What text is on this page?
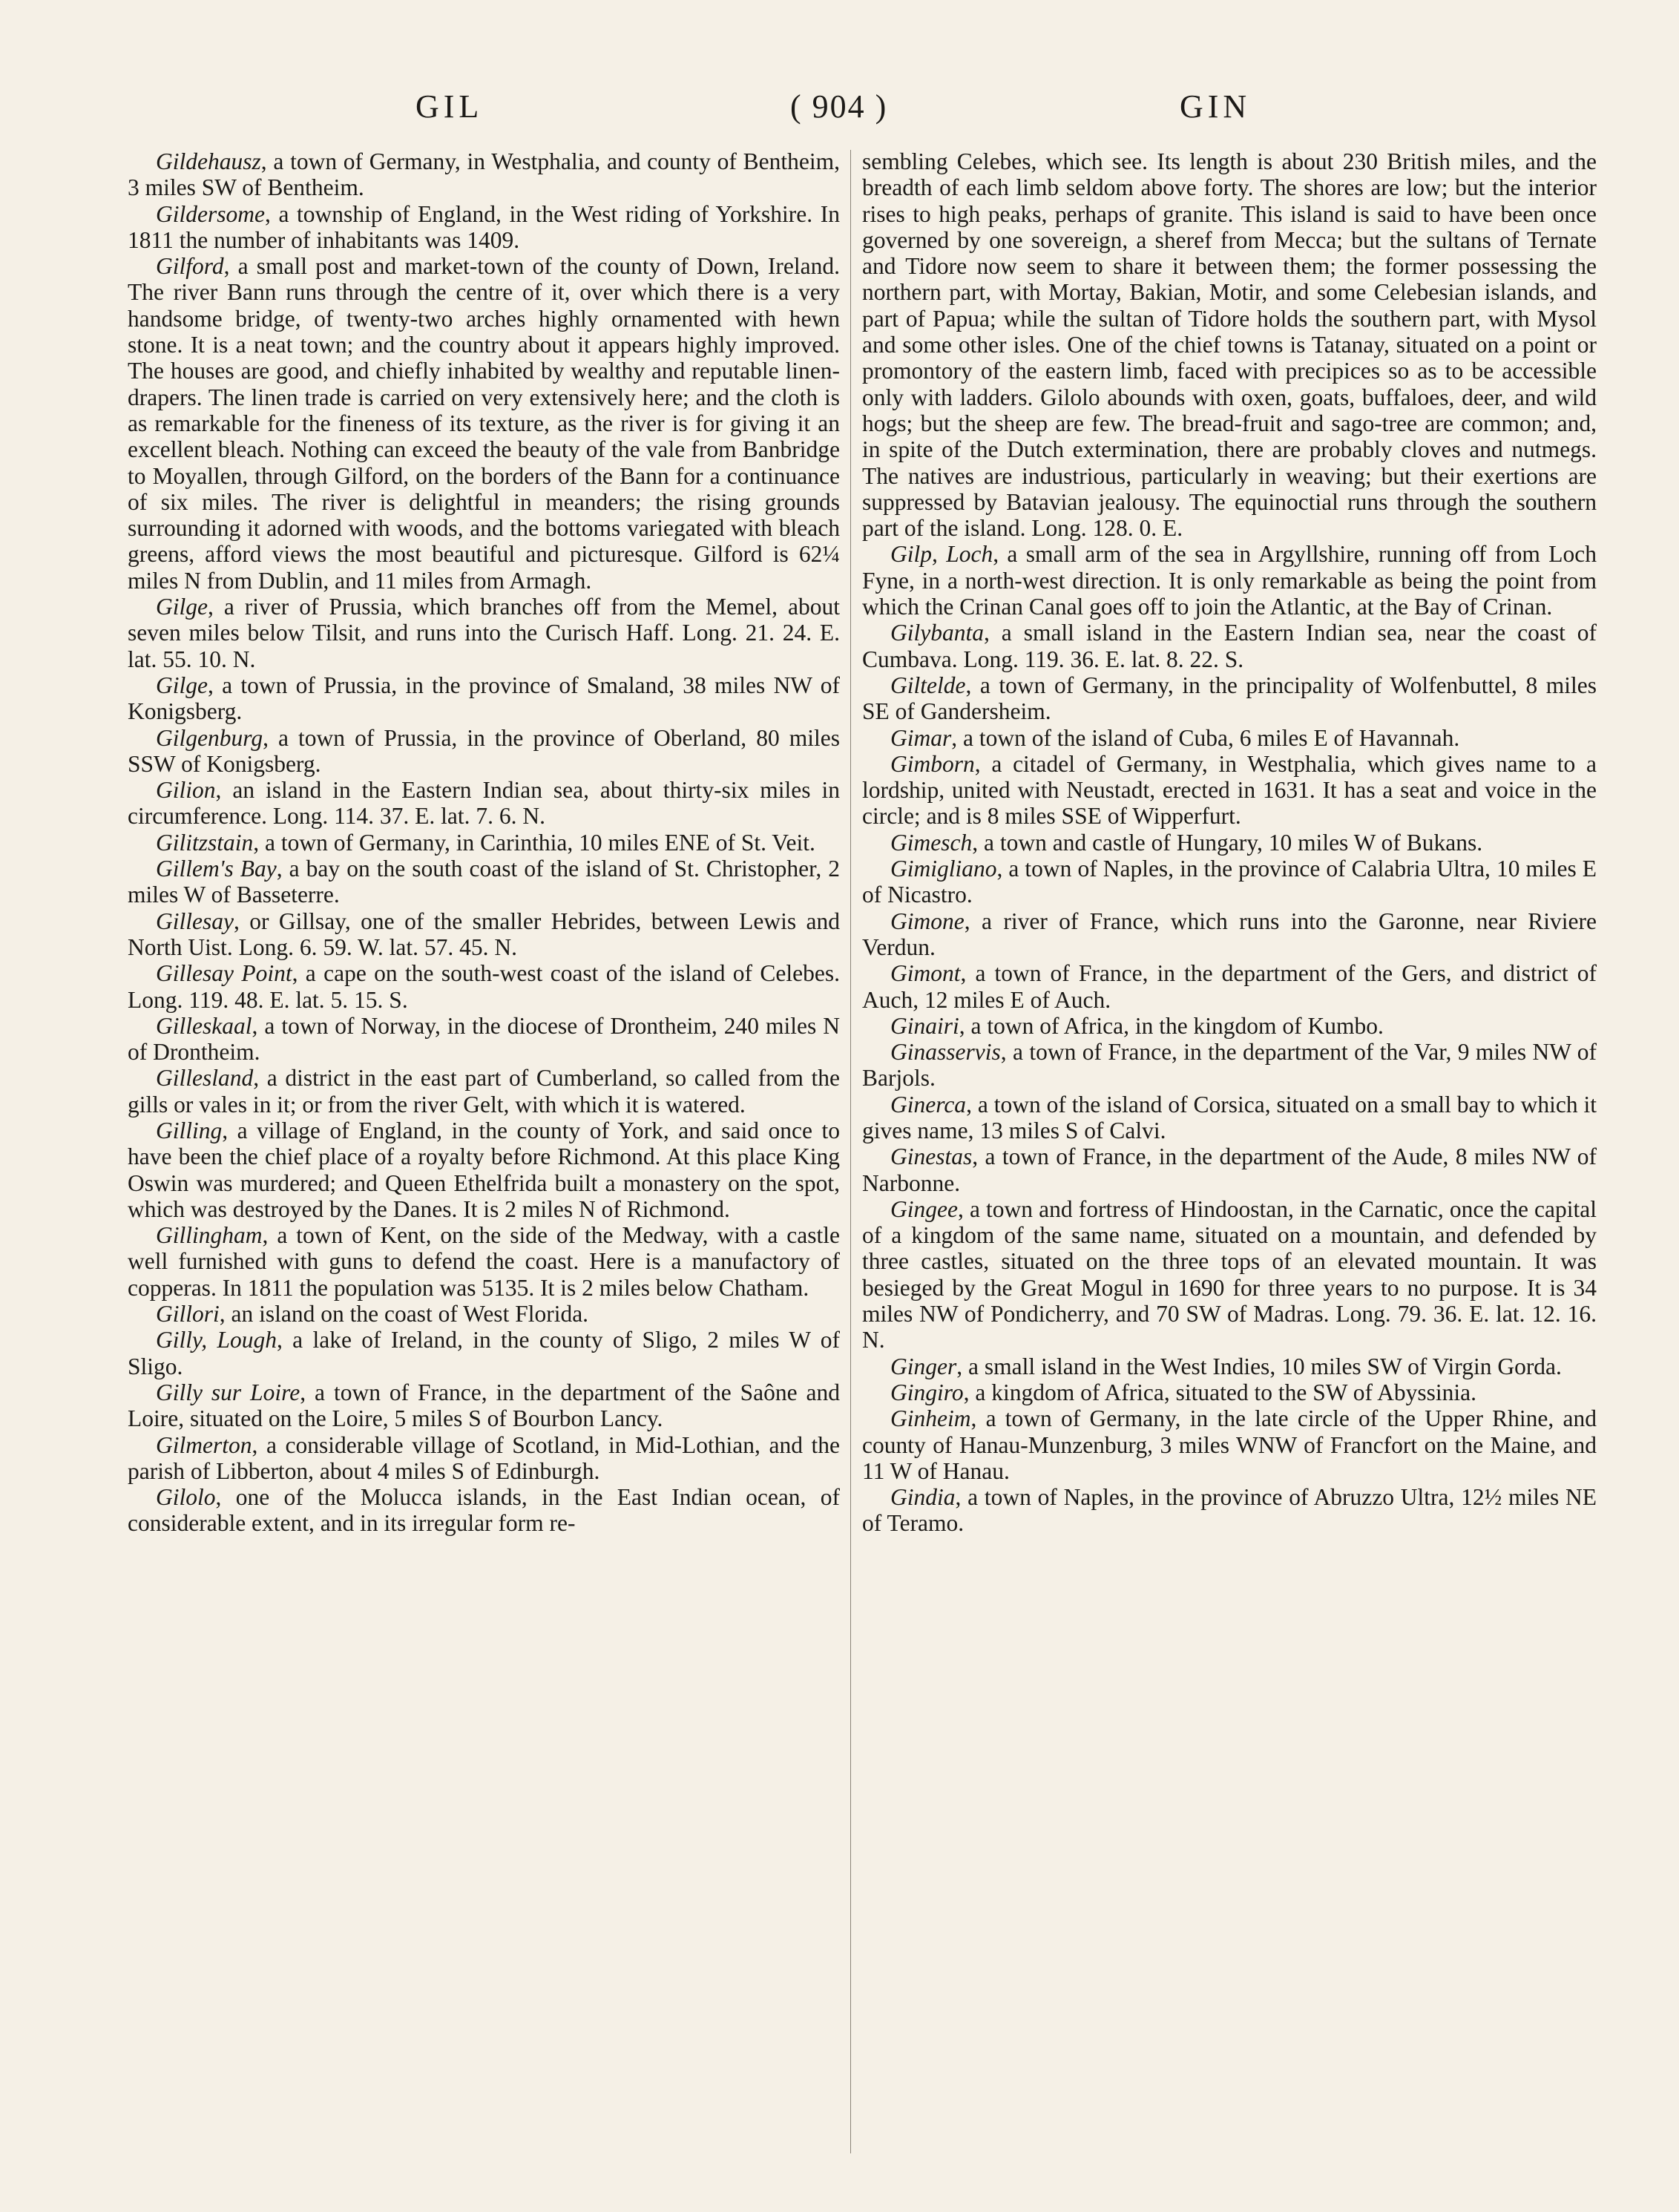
GIL	( 904 )	GIN

Gildehausz, a town of Germany, in Westphalia, and county of Bentheim, 3 miles SW of Bentheim.

Gildersome, a township of England, in the West riding of Yorkshire. In 1811 the number of inhabitants was 1409.

Gilford, a small post and market-town of the county of Down, Ireland. The river Bann runs through the centre of it, over which there is a very handsome bridge, of twenty-two arches highly ornamented with hewn stone. It is a neat town; and the country about it appears highly improved. The houses are good, and chiefly inhabited by wealthy and reputable linen-drapers. The linen trade is carried on very extensively here; and the cloth is as remarkable for the fineness of its texture, as the river is for giving it an excellent bleach. Nothing can exceed the beauty of the vale from Banbridge to Moyallen, through Gilford, on the borders of the Bann for a continuance of six miles. The river is delightful in meanders; the rising grounds surrounding it adorned with woods, and the bottoms variegated with bleach greens, afford views the most beautiful and picturesque. Gilford is 62¼ miles N from Dublin, and 11 miles from Armagh.

Gilge, a river of Prussia, which branches off from the Memel, about seven miles below Tilsit, and runs into the Curisch Haff. Long. 21. 24. E. lat. 55. 10. N.

Gilge, a town of Prussia, in the province of Smaland, 38 miles NW of Konigsberg.

Gilgenburg, a town of Prussia, in the province of Oberland, 80 miles SSW of Konigsberg.

Gilion, an island in the Eastern Indian sea, about thirty-six miles in circumference. Long. 114. 37. E. lat. 7. 6. N.

Gilitzstain, a town of Germany, in Carinthia, 10 miles ENE of St. Veit.

Gillem's Bay, a bay on the south coast of the island of St. Christopher, 2 miles W of Basseterre.

Gillesay, or Gillsay, one of the smaller Hebrides, between Lewis and North Uist. Long. 6. 59. W. lat. 57. 45. N.

Gillesay Point, a cape on the south-west coast of the island of Celebes. Long. 119. 48. E. lat. 5. 15. S.

Gilleskaal, a town of Norway, in the diocese of Drontheim, 240 miles N of Drontheim.

Gillesland, a district in the east part of Cumberland, so called from the gills or vales in it; or from the river Gelt, with which it is watered.

Gilling, a village of England, in the county of York, and said once to have been the chief place of a royalty before Richmond. At this place King Oswin was murdered; and Queen Ethelfrida built a monastery on the spot, which was destroyed by the Danes. It is 2 miles N of Richmond.

Gillingham, a town of Kent, on the side of the Medway, with a castle well furnished with guns to defend the coast. Here is a manufactory of copperas. In 1811 the population was 5135. It is 2 miles below Chatham.

Gillori, an island on the coast of West Florida.

Gilly, Lough, a lake of Ireland, in the county of Sligo, 2 miles W of Sligo.

Gilly sur Loire, a town of France, in the department of the Saône and Loire, situated on the Loire, 5 miles S of Bourbon Lancy.

Gilmerton, a considerable village of Scotland, in Mid-Lothian, and the parish of Libberton, about 4 miles S of Edinburgh.

Gilolo, one of the Molucca islands, in the East Indian ocean, of considerable extent, and in its irregular form re-

sembling Celebes, which see. Its length is about 230 British miles, and the breadth of each limb seldom above forty. The shores are low; but the interior rises to high peaks, perhaps of granite. This island is said to have been once governed by one sovereign, a sheref from Mecca; but the sultans of Ternate and Tidore now seem to share it between them; the former possessing the northern part, with Mortay, Bakian, Motir, and some Celebesian islands, and part of Papua; while the sultan of Tidore holds the southern part, with Mysol and some other isles. One of the chief towns is Tatanay, situated on a point or promontory of the eastern limb, faced with precipices so as to be accessible only with ladders. Gilolo abounds with oxen, goats, buffaloes, deer, and wild hogs; but the sheep are few. The bread-fruit and sago-tree are common; and, in spite of the Dutch extermination, there are probably cloves and nutmegs. The natives are industrious, particularly in weaving; but their exertions are suppressed by Batavian jealousy. The equinoctial runs through the southern part of the island. Long. 128. 0. E.

Gilp, Loch, a small arm of the sea in Argyllshire, running off from Loch Fyne, in a north-west direction. It is only remarkable as being the point from which the Crinan Canal goes off to join the Atlantic, at the Bay of Crinan.

Gilybanta, a small island in the Eastern Indian sea, near the coast of Cumbava. Long. 119. 36. E. lat. 8. 22. S.

Giltelde, a town of Germany, in the principality of Wolfenbuttel, 8 miles SE of Gandersheim.

Gimar, a town of the island of Cuba, 6 miles E of Havannah.

Gimborn, a citadel of Germany, in Westphalia, which gives name to a lordship, united with Neustadt, erected in 1631. It has a seat and voice in the circle; and is 8 miles SSE of Wipperfurt.

Gimesch, a town and castle of Hungary, 10 miles W of Bukans.

Gimigliano, a town of Naples, in the province of Calabria Ultra, 10 miles E of Nicastro.

Gimone, a river of France, which runs into the Garonne, near Riviere Verdun.

Gimont, a town of France, in the department of the Gers, and district of Auch, 12 miles E of Auch.

Ginairi, a town of Africa, in the kingdom of Kumbo.

Ginasservis, a town of France, in the department of the Var, 9 miles NW of Barjols.

Ginerca, a town of the island of Corsica, situated on a small bay to which it gives name, 13 miles S of Calvi.

Ginestas, a town of France, in the department of the Aude, 8 miles NW of Narbonne.

Gingee, a town and fortress of Hindoostan, in the Carnatic, once the capital of a kingdom of the same name, situated on a mountain, and defended by three castles, situated on the three tops of an elevated mountain. It was besieged by the Great Mogul in 1690 for three years to no purpose. It is 34 miles NW of Pondicherry, and 70 SW of Madras. Long. 79. 36. E. lat. 12. 16. N.

Ginger, a small island in the West Indies, 10 miles SW of Virgin Gorda.

Gingiro, a kingdom of Africa, situated to the SW of Abyssinia.

Ginheim, a town of Germany, in the late circle of the Upper Rhine, and county of Hanau-Munzenburg, 3 miles WNW of Francfort on the Maine, and 11 W of Hanau.

Gindia, a town of Naples, in the province of Abruzzo Ultra, 12½ miles NE of Teramo.
